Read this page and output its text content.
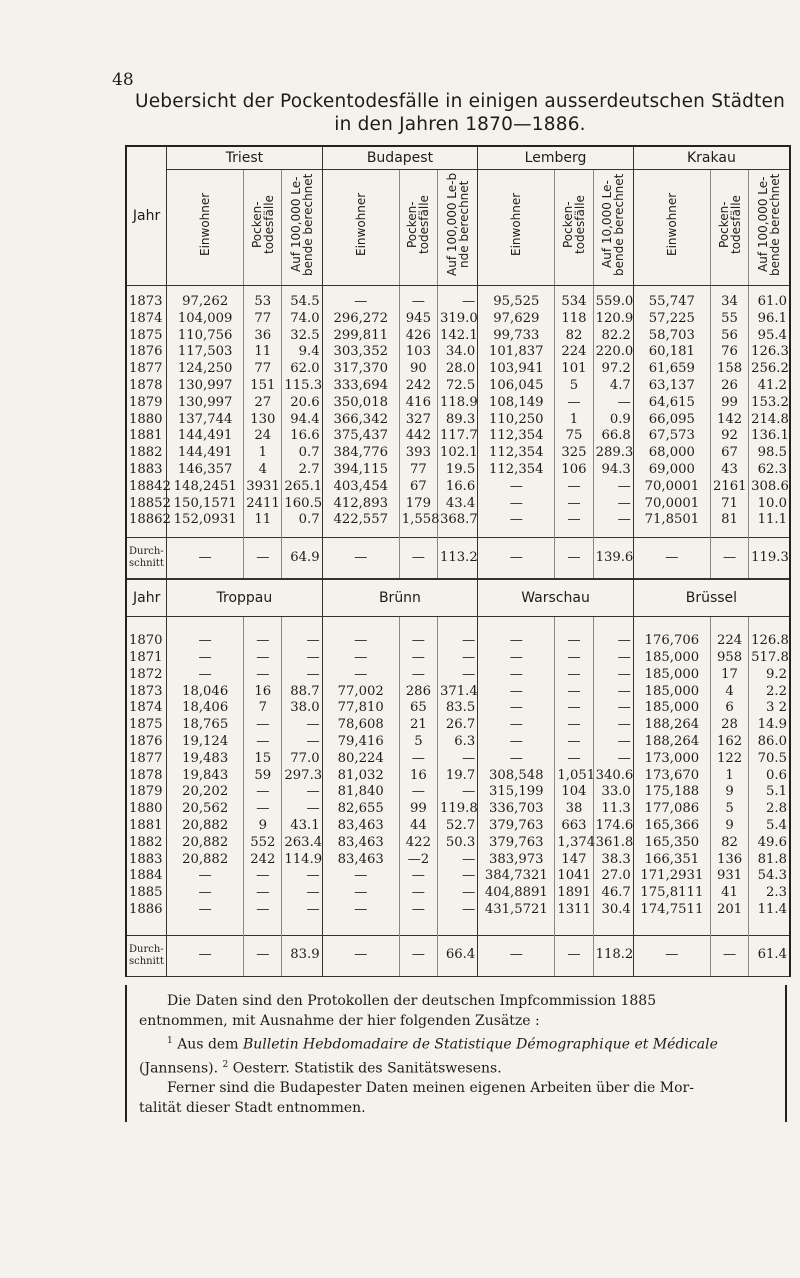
48
Uebersicht der Pockentodesfälle in einigen ausserdeutschen Städten
in den Jahren 1870—1886.
Jahr	Triest			Budapest			Lemberg			Krakau		
	Einwohner	Pocken-todesfälle	Auf 100,000 Le-bende berechnet	Einwohner	Pocken-todesfälle	Auf 100,000 Le-b nde berechnet	Einwohner	Pocken-todesfälle	Auf 10,000 Le-bende berechnet	Einwohner	Pocken-todesfälle	Auf 100,000 Le-bende berechnet

1873	97,262	53	54.5	—	—	—	95,525	534	559.0	55,747	34	61.0
1874	104,009	77	74.0	296,272	945	319.0	97,629	118	120.9	57,225	55	96.1
1875	110,756	36	32.5	299,811	426	142.1	99,733	82	82.2	58,703	56	95.4
1876	117,503	11	9.4	303,352	103	34.0	101,837	224	220.0	60,181	76	126.3
1877	124,250	77	62.0	317,370	90	28.0	103,941	101	97.2	61,659	158	256.2
1878	130,997	151	115.3	333,694	242	72.5	106,045	5	4.7	63,137	26	41.2
1879	130,997	27	20.6	350,018	416	118.9	108,149	—	—	64,615	99	153.2
1880	137,744	130	94.4	366,342	327	89.3	110,250	1	0.9	66,095	142	214.8
1881	144,491	24	16.6	375,437	442	117.7	112,354	75	66.8	67,573	92	136.1
1882	144,491	1	0.7	384,776	393	102.1	112,354	325	289.3	68,000	67	98.5
1883	146,357	4	2.7	394,115	77	19.5	112,354	106	94.3	69,000	43	62.3
18842	148,2451	3931	265.1	403,454	67	16.6	—	—	—	70,0001	2161	308.6
18852	150,1571	2411	160.5	412,893	179	43.4	—	—	—	70,0001	71	10.0
18862	152,0931	11	0.7	422,557	1,558	368.7	—	—	—	71,8501	81	11.1

Durch-schnitt	—	—	64.9	—	—	113.2	—	—	139.6	—	—	119.3
Jahr	Troppau			Brünn			Warschau			Brüssel		

1870	—	—	—	—	—	—	—	—	—	176,706	224	126.8
1871	—	—	—	—	—	—	—	—	—	185,000	958	517.8
1872	—	—	—	—	—	—	—	—	—	185,000	17	9.2
1873	18,046	16	88.7	77,002	286	371.4	—	—	—	185,000	4	2.2
1874	18,406	7	38.0	77,810	65	83.5	—	—	—	185,000	6	3 2
1875	18,765	—	—	78,608	21	26.7	—	—	—	188,264	28	14.9
1876	19,124	—	—	79,416	5	6.3	—	—	—	188,264	162	86.0
1877	19,483	15	77.0	80,224	—	—	—	—	—	173,000	122	70.5
1878	19,843	59	297.3	81,032	16	19.7	308,548	1,051	340.6	173,670	1	0.6
1879	20,202	—	—	81,840	—	—	315,199	104	33.0	175,188	9	5.1
1880	20,562	—	—	82,655	99	119.8	336,703	38	11.3	177,086	5	2.8
1881	20,882	9	43.1	83,463	44	52.7	379,763	663	174.6	165,366	9	5.4
1882	20,882	552	263.4	83,463	422	50.3	379,763	1,374	361.8	165,350	82	49.6
1883	20,882	242	114.9	83,463	—2	—	383,973	147	38.3	166,351	136	81.8
1884	—	—	—	—	—	—	384,7321	1041	27.0	171,2931	931	54.3
1885	—	—	—	—	—	—	404,8891	1891	46.7	175,8111	41	2.3
1886	—	—	—	—	—	—	431,5721	1311	30.4	174,7511	201	11.4

Durch-schnitt	—	—	83.9	—	—	66.4	—	—	118.2	—	—	61.4

Die Daten sind den Protokollen der deutschen Impfcommission 1885

entnommen, mit Ausnahme der hier folgenden Zusätze :

$^1$ Aus dem Bulletin Hebdomadaire de Statistique Démographique et Médicale

(Jannsens). $^2$ Oesterr. Statistik des Sanitätswesens.

Ferner sind die Budapester Daten meinen eigenen Arbeiten über die Mor-

talität dieser Stadt entnommen.
